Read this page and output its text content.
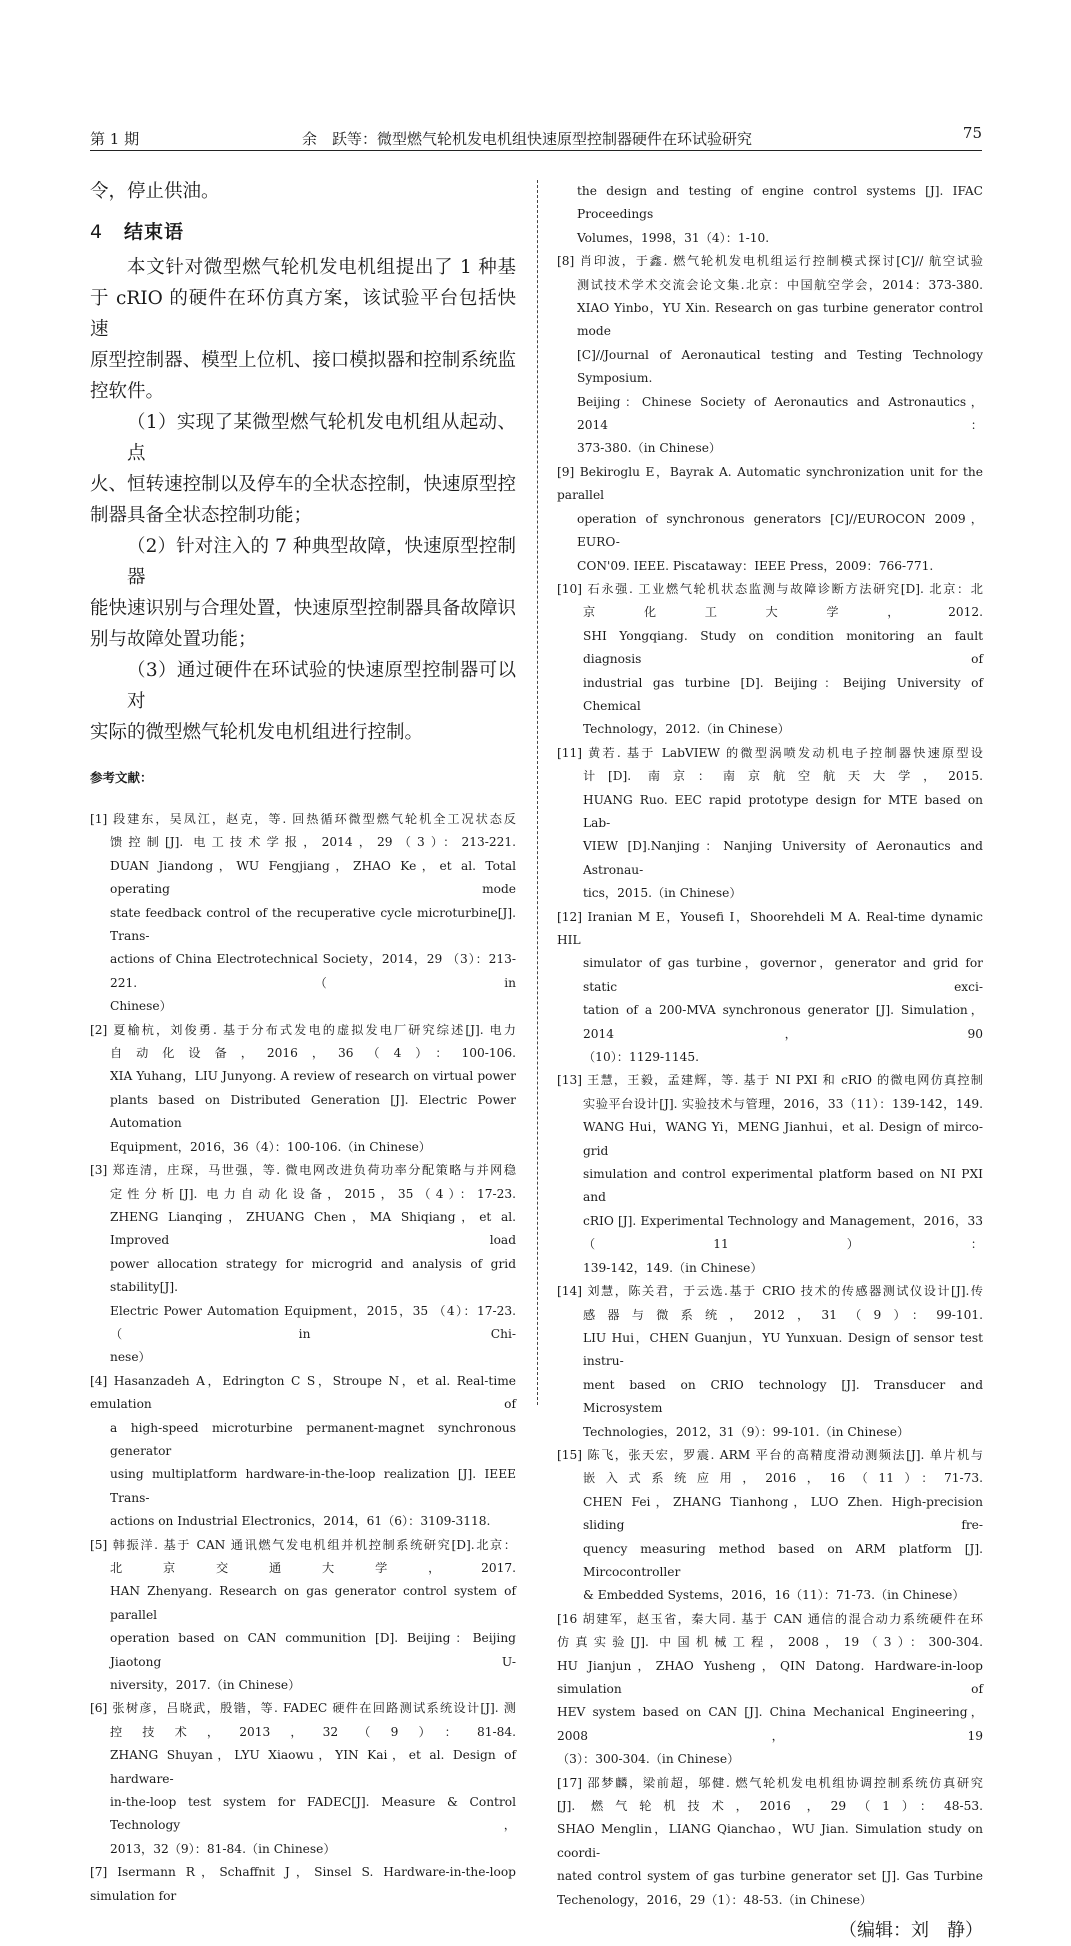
第 1 期	余　跃等：微型燃气轮机发电机组快速原型控制器硬件在环试验研究	75

令，停止供油。

4 结束语
本文针对微型燃气轮机发电机组提出了 1 种基
于 cRIO 的硬件在环仿真方案，该试验平台包括快速
原型控制器、模型上位机、接口模拟器和控制系统监
控软件。
（1）实现了某微型燃气轮机发电机组从起动、点
火、恒转速控制以及停车的全状态控制，快速原型控
制器具备全状态控制功能；
（2）针对注入的 7 种典型故障，快速原型控制器
能快速识别与合理处置，快速原型控制器具备故障识
别与故障处置功能；
（3）通过硬件在环试验的快速原型控制器可以对
实际的微型燃气轮机发电机组进行控制。
参考文献：
[1] 段建东，吴凤江，赵克，等. 回热循环微型燃气轮机全工况状态反
馈控制[J]. 电工技术学报，2014，29（3）：213-221.
DUAN Jiandong，WU Fengjiang，ZHAO Ke，et al. Total operating mode
state feedback control of the recuperative cycle microturbine[J]. Trans-
actions of China Electrotechnical Society，2014，29 （3）：213-221.（in
Chinese）
[2] 夏榆杭，刘俊勇. 基于分布式发电的虚拟发电厂研究综述[J]. 电力
自动化设备，2016，36（4）：100-106.
XIA Yuhang，LIU Junyong. A review of research on virtual power
plants based on Distributed Generation [J]. Electric Power Automation
Equipment，2016，36（4）：100-106.（in Chinese）
[3] 郑连清，庄琛，马世强，等. 微电网改进负荷功率分配策略与并网稳
定性分析[J]. 电力自动化设备，2015，35（4）：17-23.
ZHENG Lianqing，ZHUANG Chen，MA Shiqiang，et al. Improved load
power allocation strategy for microgrid and analysis of grid stability[J].
Electric Power Automation Equipment，2015，35 （4）：17-23.（in Chi-
nese）
[4] Hasanzadeh A，Edrington C S，Stroupe N，et al. Real-time emulation of
a high-speed microturbine permanent-magnet synchronous generator
using multiplatform hardware-in-the-loop realization [J]. IEEE Trans-
actions on Industrial Electronics，2014，61（6）：3109-3118.
[5] 韩振洋. 基于 CAN 通讯燃气发电机组并机控制系统研究[D].北京：
北京交通大学，2017.
HAN Zhenyang. Research on gas generator control system of parallel
operation based on CAN communition [D]. Beijing：Beijing Jiaotong U-
niversity，2017.（in Chinese）
[6] 张树彦，吕晓武，殷锴，等. FADEC 硬件在回路测试系统设计[J]. 测
控技术，2013，32（9）：81-84.
ZHANG Shuyan，LYU Xiaowu，YIN Kai，et al. Design of hardware-
in-the-loop test system for FADEC[J]. Measure & Control Technology，
2013，32（9）：81-84.（in Chinese）
[7] Isermann R，Schaffnit J，Sinsel S. Hardware-in-the-loop simulation for
the design and testing of engine control systems [J]. IFAC Proceedings
Volumes，1998，31（4）：1-10.
[8] 肖印波，于鑫. 燃气轮机发电机组运行控制模式探讨[C]// 航空试验
测试技术学术交流会论文集.北京：中国航空学会，2014：373-380.
XIAO Yinbo，YU Xin. Research on gas turbine generator control mode
[C]//Journal of Aeronautical testing and Testing Technology Symposium.
Beijing：Chinese Society of Aeronautics and Astronautics，2014：
373-380.（in Chinese）
[9] Bekiroglu E，Bayrak A. Automatic synchronization unit for the parallel
operation of synchronous generators [C]//EUROCON 2009，EURO-
CON'09. IEEE. Piscataway：IEEE Press，2009：766-771.
[10] 石永强. 工业燃气轮机状态监测与故障诊断方法研究[D]. 北京：北
京化工大学，2012.
SHI Yongqiang. Study on condition monitoring an fault diagnosis of
industrial gas turbine [D]. Beijing：Beijing University of Chemical
Technology，2012.（in Chinese）
[11] 黄若. 基于 LabVIEW 的微型涡喷发动机电子控制器快速原型设
计[D]. 南京：南京航空航天大学，2015.
HUANG Ruo. EEC rapid prototype design for MTE based on Lab-
VIEW [D].Nanjing：Nanjing University of Aeronautics and Astronau-
tics，2015.（in Chinese）
[12] Iranian M E，Yousefi I，Shoorehdeli M A. Real-time dynamic HIL
simulator of gas turbine，governor，generator and grid for static exci-
tation of a 200-MVA synchronous generator [J]. Simulation，2014，90
（10）：1129-1145.
[13] 王慧，王毅，孟建辉，等. 基于 NI PXI 和 cRIO 的微电网仿真控制
实验平台设计[J]. 实验技术与管理，2016，33（11）：139-142，149.
WANG Hui，WANG Yi，MENG Jianhui，et al. Design of mirco-grid
simulation and control experimental platform based on NI PXI and
cRIO [J]. Experimental Technology and Management，2016，33（11）：
139-142，149.（in Chinese）
[14] 刘慧，陈关君，于云选.基于 CRIO 技术的传感器测试仪设计[J].传
感器与微系统，2012，31（9）：99-101.
LIU Hui，CHEN Guanjun，YU Yunxuan. Design of sensor test instru-
ment based on CRIO technology [J]. Transducer and Microsystem
Technologies，2012，31（9）：99-101.（in Chinese）
[15] 陈飞，张天宏，罗震. ARM 平台的高精度滑动测频法[J]. 单片机与
嵌入式系统应用，2016，16（11）：71-73.
CHEN Fei，ZHANG Tianhong，LUO Zhen. High-precision sliding fre-
quency measuring method based on ARM platform [J]. Mircocontroller
& Embedded Systems，2016，16（11）：71-73.（in Chinese）
[16 胡建军，赵玉省，秦大同. 基于 CAN 通信的混合动力系统硬件在环
仿真实验[J]. 中国机械工程，2008，19（3）：300-304.
HU Jianjun，ZHAO Yusheng，QIN Datong. Hardware-in-loop simulation of
HEV system based on CAN [J]. China Mechanical Engineering，2008，19
（3）：300-304.（in Chinese）
[17] 邵梦麟，梁前超，邬健. 燃气轮机发电机组协调控制系统仿真研究
[J]. 燃气轮机技术，2016 ，29（1）：48-53.
SHAO Menglin，LIANG Qianchao，WU Jian. Simulation study on coordi-
nated control system of gas turbine generator set [J]. Gas Turbine
Techenology，2016，29（1）：48-53.（in Chinese）
（编辑：刘　静）
